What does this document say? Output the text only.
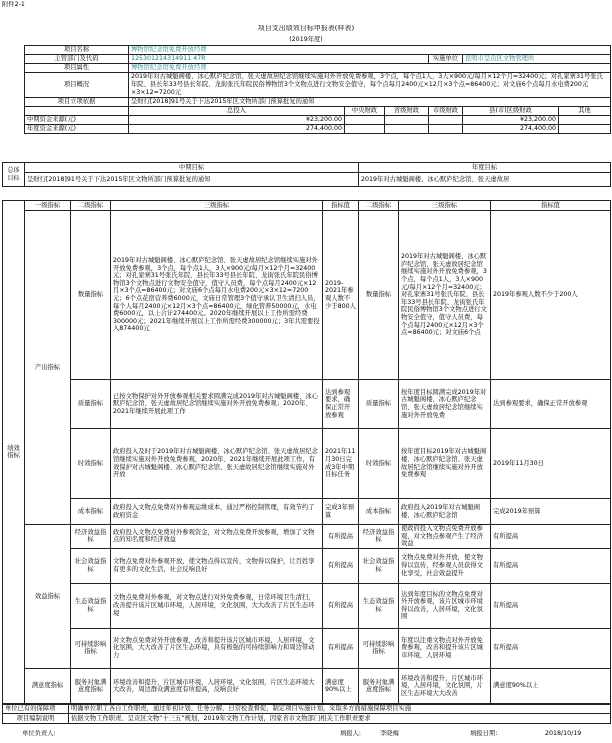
附件2-1
项目支出绩效目标申报表(样表)
(2019年度)
项目名称	博物馆纪念馆免费开放经费					
主管部门及代码	125301214314911 47R			实施单位	昆明市呈贡区文物管理所	
项目属性	博物馆纪念馆免费开放经费					
项目概况	2019年对古城魁阁楼、冰心默庐纪念馆、张天虚故居纪念馆继续实施对外开放免费参观，3个点，每个点1人，3人×900元/每月×12个月=32400元；对孔家寨31号张氏年院、县长年33号县长年院、龙街张氏年院民俗博物馆3个文物点进行文物安全值守，每个点每月2400元×12月×3个点=86400元；对文庙6个点每月水电费200元×3×12=7200元					
项目立项依据	呈财行[2018]91号关于下达2015年区文物所部门预算批复的通知					
	总投入	中央财政	省级财政	市级财政	县(市)区级财政	其他
中期资金来源(元)	¥23,200.00				¥23,200.00	
年度资金来源(元)	274,400.00				274,400.00	
总体目标	中期目标	年度目标
	呈财行[2018]91号关于下达2015年区文物所部门预算批复的通知	2019年对古城魁阁楼、冰心默庐纪念馆、张天虚故居
绩效指标	一级指标	二级指标	三级指标	指标值	二级指标	三级指标	指标值
	产出指标	数量指标	2019年对古城魁阁楼、冰心默庐纪念馆、张天虚故居纪念馆继续实施对外开放免费参观，3个点，每个点1人，3人×900元/每月×12个月=32400元；对孔家寨31号张氏年院、县长年33号县长年院、龙街张氏年院民俗博物馆3个文物点进行文物安全值守，值守人员费，每个点每月2400元×12月×3个点=86400元；对文庙6个点每月水电费200元×3×12=7200元；6个点花宿营养费6000元，文庙日常管理3个值守承认卫生清扫人员，每个人每月2400元×12月×3个点=86400元，绿化管养50000元，水电费6000元，以上合计274400元。2020年继续开展以上工作所需经费300000元；2021年继续开展以上工作所需经费300000元；3年共需要投入874400元	2019-2021年参观人数不少于800人	数量指标	2019年对古城魁阁楼、冰心默庐纪念馆、张天虚故居纪念馆继续实施对外开放免费参观，3个点，每个点1人，3人×900元/每月×12个月=32400元；对孔家寨31号张氏年院、县长年33号县长年院、龙街张氏年院民俗博物馆3个文物点进行文物安全值守，值守人员费，每个点每月2400元×12月×3个点=86400元；对文庙6个点	2019年参观人数不少于200人
		质量指标	已按文物保护对外开放参观相关要求圆满完成2019年对古城魁阁楼、冰心默庐纪念馆、张天虚故居纪念馆继续实施对外开放免费参观；2020年、2021年继续开展此项工作	达到参观要求，确保正常开放参观	质量指标	按年度目标圆满完成2019年对古城魁阁楼、冰心默庐纪念馆、张天虚故居纪念馆继续实施对外开放免费	达到参观要求，确保正常开放参观
		时效指标	政府投入及时于2019年对古城魁阁楼、冰心默庐纪念馆、张天虚故居纪念馆继续实施对外开放免费参观，2020年、2021年继续开展此项工作，有效保护对古城魁阁楼、冰心默庐纪念馆、张天虚故居纪念馆继续实施对外开放	2021年11月30日完成3年中期目标任务	时效指标	按年度目标2019年对古城魁阁楼、冰心默庐纪念馆、张天虚故居纪念馆继续实施对外开放免费参观	2019年11月30日
		成本指标	政府投入文物点免费对外参观运维成本，通过严格控制管理，有效节约了政府资金	完成3年预算	成本指标	政府投入2019年对古城魁阁楼、冰心默庐纪念馆	完成2019年预算
	效益指标	经济效益指标	政府投入文物点免费对外参观资金，对文物点免费开放参观，增加了文物点的知名度和经济效益	有所提高	经济效益指标	使政府投入文物点免费开放参观，对文物点参观产生了经济效益	有所提高
		社会效益指标	文物点免费对外参观开放，使文物点得以宣传，文物得以保护，让百姓享有更多的文化生活，社会反响良好	有所提高	社会效益指标	文物点免费对外开放，使文物得以宣传，经参观人员获得文化享受，社会效益提升	有所提高
		生态效益指标	文物点免费对外参观，对文物点进行对外免费参观，日常环境卫生清扫，改善提升该片区城市环境，人居环境，文化氛围，大大改善了片区生态环境	有所提高	生态效益指标	达到年度目标的文物点免费对外开放参观，该片区城市环境得以改善，人居环境，文化氛围	有所提高
		可持续影响指标	对文物点免费对外开放参观，改善和提升该片区城市环境，人居环境，文化氛围，大大改善了片区生态环境，具有极强的可持续影响力和周边带动力	有所提高	可持续影响指标	年度以注重文物点对外开放免费参观，改善和提升该片区城市环境，人居环境	有所提高
	满意度指标	服务对象满意度指标	环境改善和提升，片区城市环境，人居环境，文化氛围，片区生态环境大大改善，周边群众满意度有所提高，反响良好	满意度90%以上	服务对象满意度指标	环境改善和提升，片区城市环境，人居环境，文化氛围，片区生态环境大大改善	满意度90%以上
单位已有的保障项	明确单位职工各自工作职责，通过年初计划、任务分解、日常检查督促，制定项目实施计划，采取多方面措施保障项目实施
项目编制说明	依据文物工作职责、呈贡区文物“十三五”规划、2019年文物工作计划，因家省市文物部门相关工作职责要求
单位负责人:	填报人:	李晓梅	填报日期:	2018/10/19
